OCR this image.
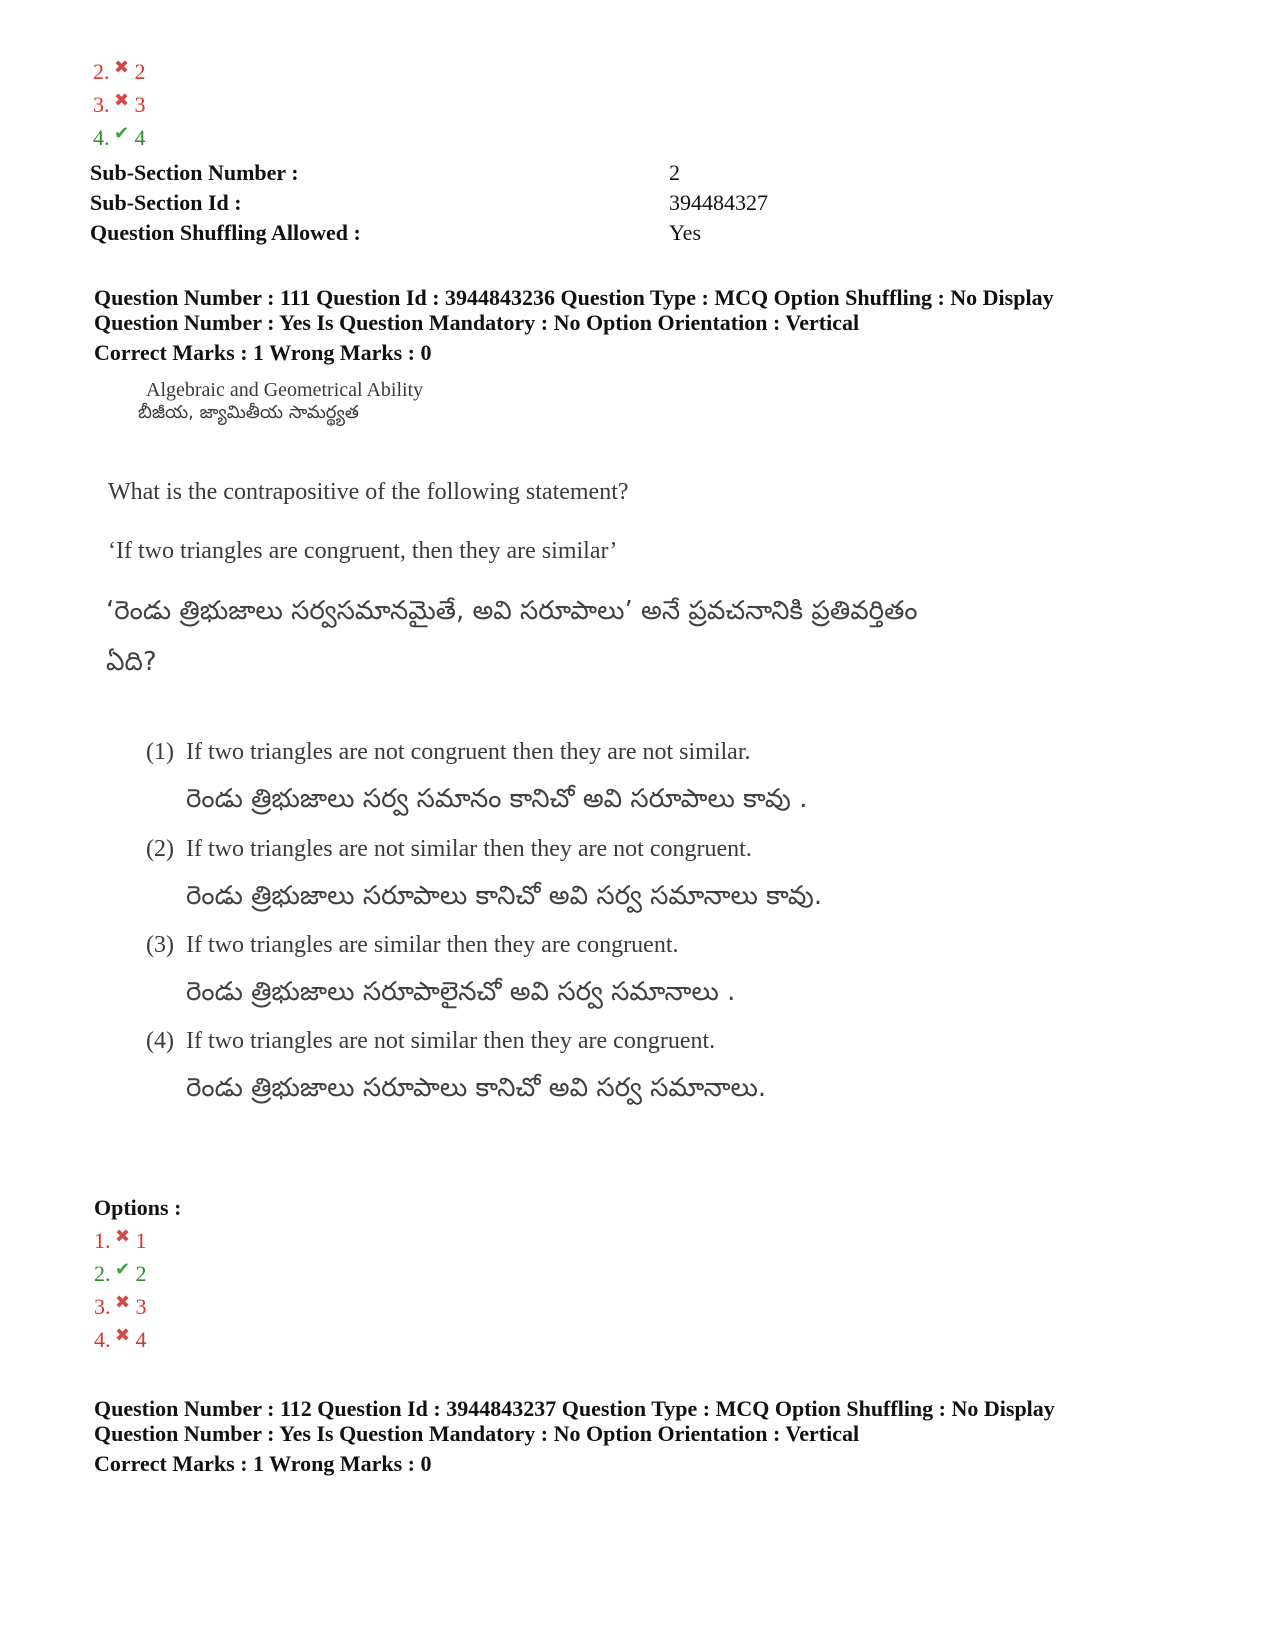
2. ✖ 2
3. ✖ 3
4. ✔ 4
Sub-Section Number :	2
Sub-Section Id :	394484327
Question Shuffling Allowed :	Yes
Question Number : 111 Question Id : 3944843236 Question Type : MCQ Option Shuffling : No Display
Question Number : Yes Is Question Mandatory : No Option Orientation : Vertical
Correct Marks : 1 Wrong Marks : 0
Algebraic and Geometrical Ability
బీజీయ, జ్యామితీయ సామర్థ్యత
What is the contrapositive of the following statement?
‘If two triangles are congruent, then they are similar’
‘రెండు త్రిభుజాలు సర్వసమానమైతే, అవి సరూపాలు’ అనే ప్రవచనానికి ప్రతివర్తితం
ఏది?
(1) If two triangles are not congruent then they are not similar.
రెండు త్రిభుజాలు సర్వ సమానం కానిచో అవి సరూపాలు కావు .
(2) If two triangles are not similar then they are not congruent.
రెండు త్రిభుజాలు సరూపాలు కానిచో అవి సర్వ సమానాలు కావు.
(3) If two triangles are similar then they are congruent.
రెండు త్రిభుజాలు సరూపాలైనచో అవి సర్వ సమానాలు .
(4) If two triangles are not similar then they are congruent.
రెండు త్రిభుజాలు సరూపాలు కానిచో అవి సర్వ సమానాలు.
Options :
1. ✖ 1
2. ✔ 2
3. ✖ 3
4. ✖ 4
Question Number : 112 Question Id : 3944843237 Question Type : MCQ Option Shuffling : No Display
Question Number : Yes Is Question Mandatory : No Option Orientation : Vertical
Correct Marks : 1 Wrong Marks : 0
